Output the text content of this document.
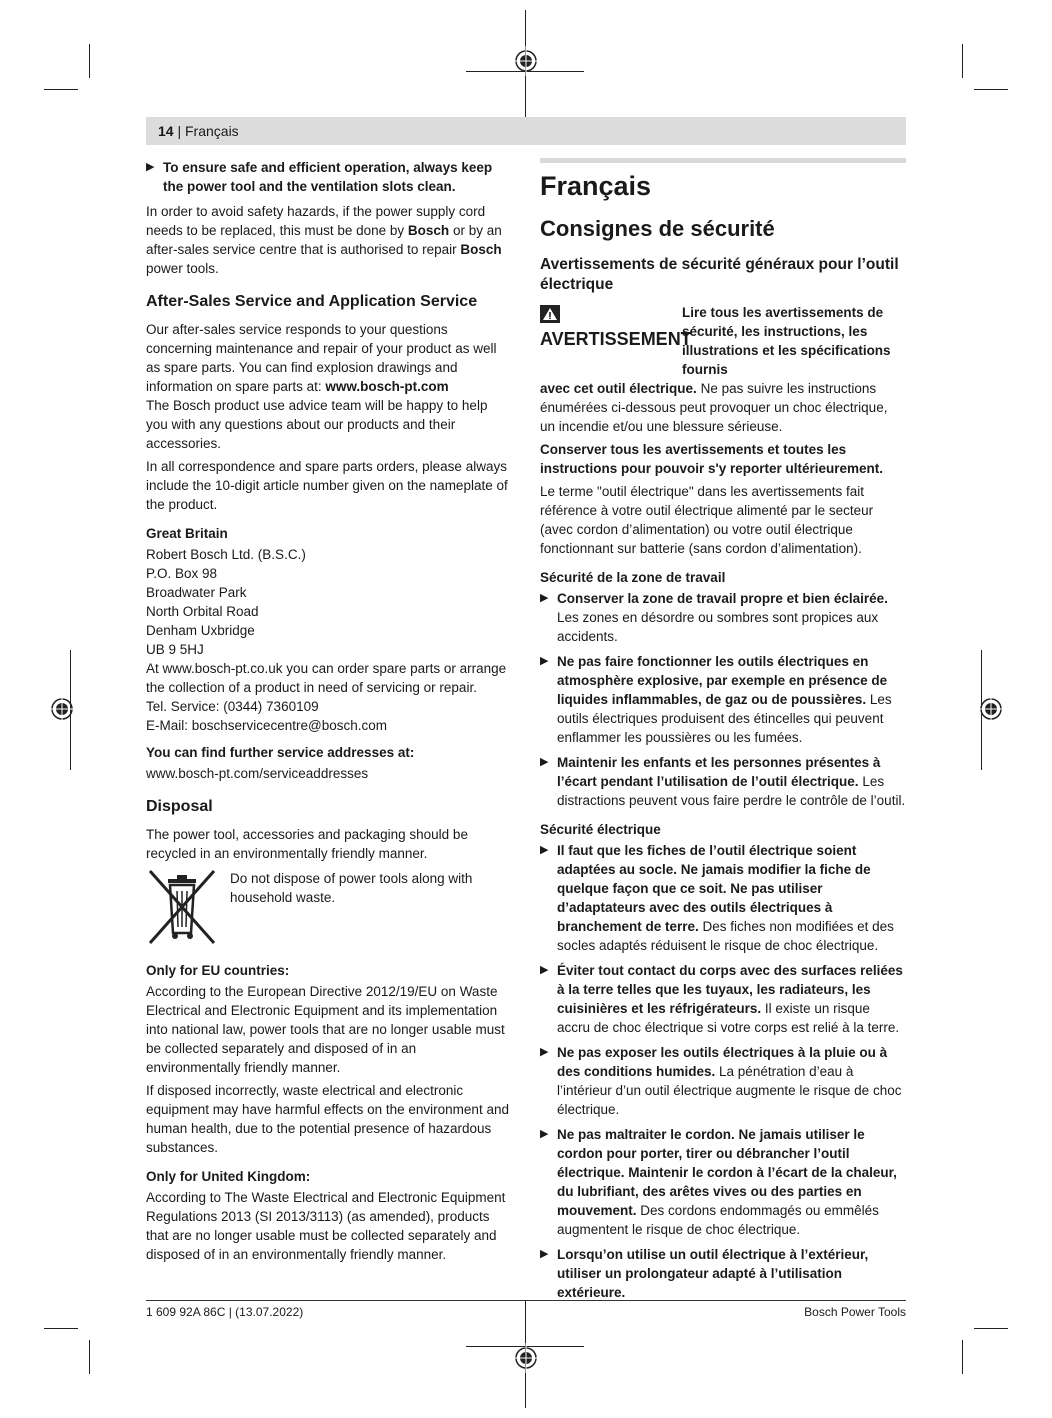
14 | Français
▶ To ensure safe and efficient operation, always keep the power tool and the ventilation slots clean.

In order to avoid safety hazards, if the power supply cord needs to be replaced, this must be done by Bosch or by an after-sales service centre that is authorised to repair Bosch power tools.

After-Sales Service and Application Service

Our after-sales service responds to your questions concerning maintenance and repair of your product as well as spare parts. You can find explosion drawings and information on spare parts at: www.bosch-pt.com
The Bosch product use advice team will be happy to help you with any questions about our products and their accessories.

In all correspondence and spare parts orders, please always include the 10-digit article number given on the nameplate of the product.

Great Britain
Robert Bosch Ltd. (B.S.C.)
P.O. Box 98
Broadwater Park
North Orbital Road
Denham Uxbridge
UB 9 5HJ
At www.bosch-pt.co.uk you can order spare parts or arrange the collection of a product in need of servicing or repair.
Tel. Service: (0344) 7360109
E-Mail: boschservicecentre@bosch.com
You can find further service addresses at:

www.bosch-pt.com/serviceaddresses

Disposal

The power tool, accessories and packaging should be recycled in an environmentally friendly manner.

Do not dispose of power tools along with household waste.
Only for EU countries:

According to the European Directive 2012/19/EU on Waste Electrical and Electronic Equipment and its implementation into national law, power tools that are no longer usable must be collected separately and disposed of in an environmentally friendly manner.

If disposed incorrectly, waste electrical and electronic equipment may have harmful effects on the environment and human health, due to the potential presence of hazardous substances.

Only for United Kingdom:

According to The Waste Electrical and Electronic Equipment Regulations 2013 (SI 2013/3113) (as amended), products that are no longer usable must be collected separately and disposed of in an environmentally friendly manner.

Français
Consignes de sécurité
Avertissements de sécurité généraux pour l’outil électrique
AVERTISSEMENT
Lire tous les avertissements de sécurité, les instructions, les illustrations et les spécifications fournis

avec cet outil électrique. Ne pas suivre les instructions énumérées ci-dessous peut provoquer un choc électrique, un incendie et/ou une blessure sérieuse.

Conserver tous les avertissements et toutes les instructions pour pouvoir s'y reporter ultérieurement.

Le terme "outil électrique" dans les avertissements fait référence à votre outil électrique alimenté par le secteur (avec cordon d’alimentation) ou votre outil électrique fonctionnant sur batterie (sans cordon d’alimentation).

Sécurité de la zone de travail
▶ Conserver la zone de travail propre et bien éclairée. Les zones en désordre ou sombres sont propices aux accidents.
▶ Ne pas faire fonctionner les outils électriques en atmosphère explosive, par exemple en présence de liquides inflammables, de gaz ou de poussières. Les outils électriques produisent des étincelles qui peuvent enflammer les poussières ou les fumées.
▶ Maintenir les enfants et les personnes présentes à l’écart pendant l’utilisation de l’outil électrique. Les distractions peuvent vous faire perdre le contrôle de l’outil.
Sécurité électrique
▶ Il faut que les fiches de l’outil électrique soient adaptées au socle. Ne jamais modifier la fiche de quelque façon que ce soit. Ne pas utiliser d’adaptateurs avec des outils électriques à branchement de terre. Des fiches non modifiées et des socles adaptés réduisent le risque de choc électrique.
▶ Éviter tout contact du corps avec des surfaces reliées à la terre telles que les tuyaux, les radiateurs, les cuisinières et les réfrigérateurs. Il existe un risque accru de choc électrique si votre corps est relié à la terre.
▶ Ne pas exposer les outils électriques à la pluie ou à des conditions humides. La pénétration d’eau à l’intérieur d’un outil électrique augmente le risque de choc électrique.
▶ Ne pas maltraiter le cordon. Ne jamais utiliser le cordon pour porter, tirer ou débrancher l’outil électrique. Maintenir le cordon à l’écart de la chaleur, du lubrifiant, des arêtes vives ou des parties en mouvement. Des cordons endommagés ou emmêlés augmentent le risque de choc électrique.
▶ Lorsqu’on utilise un outil électrique à l’extérieur, utiliser un prolongateur adapté à l’utilisation extérieure.
1 609 92A 86C | (13.07.2022)	Bosch Power Tools
